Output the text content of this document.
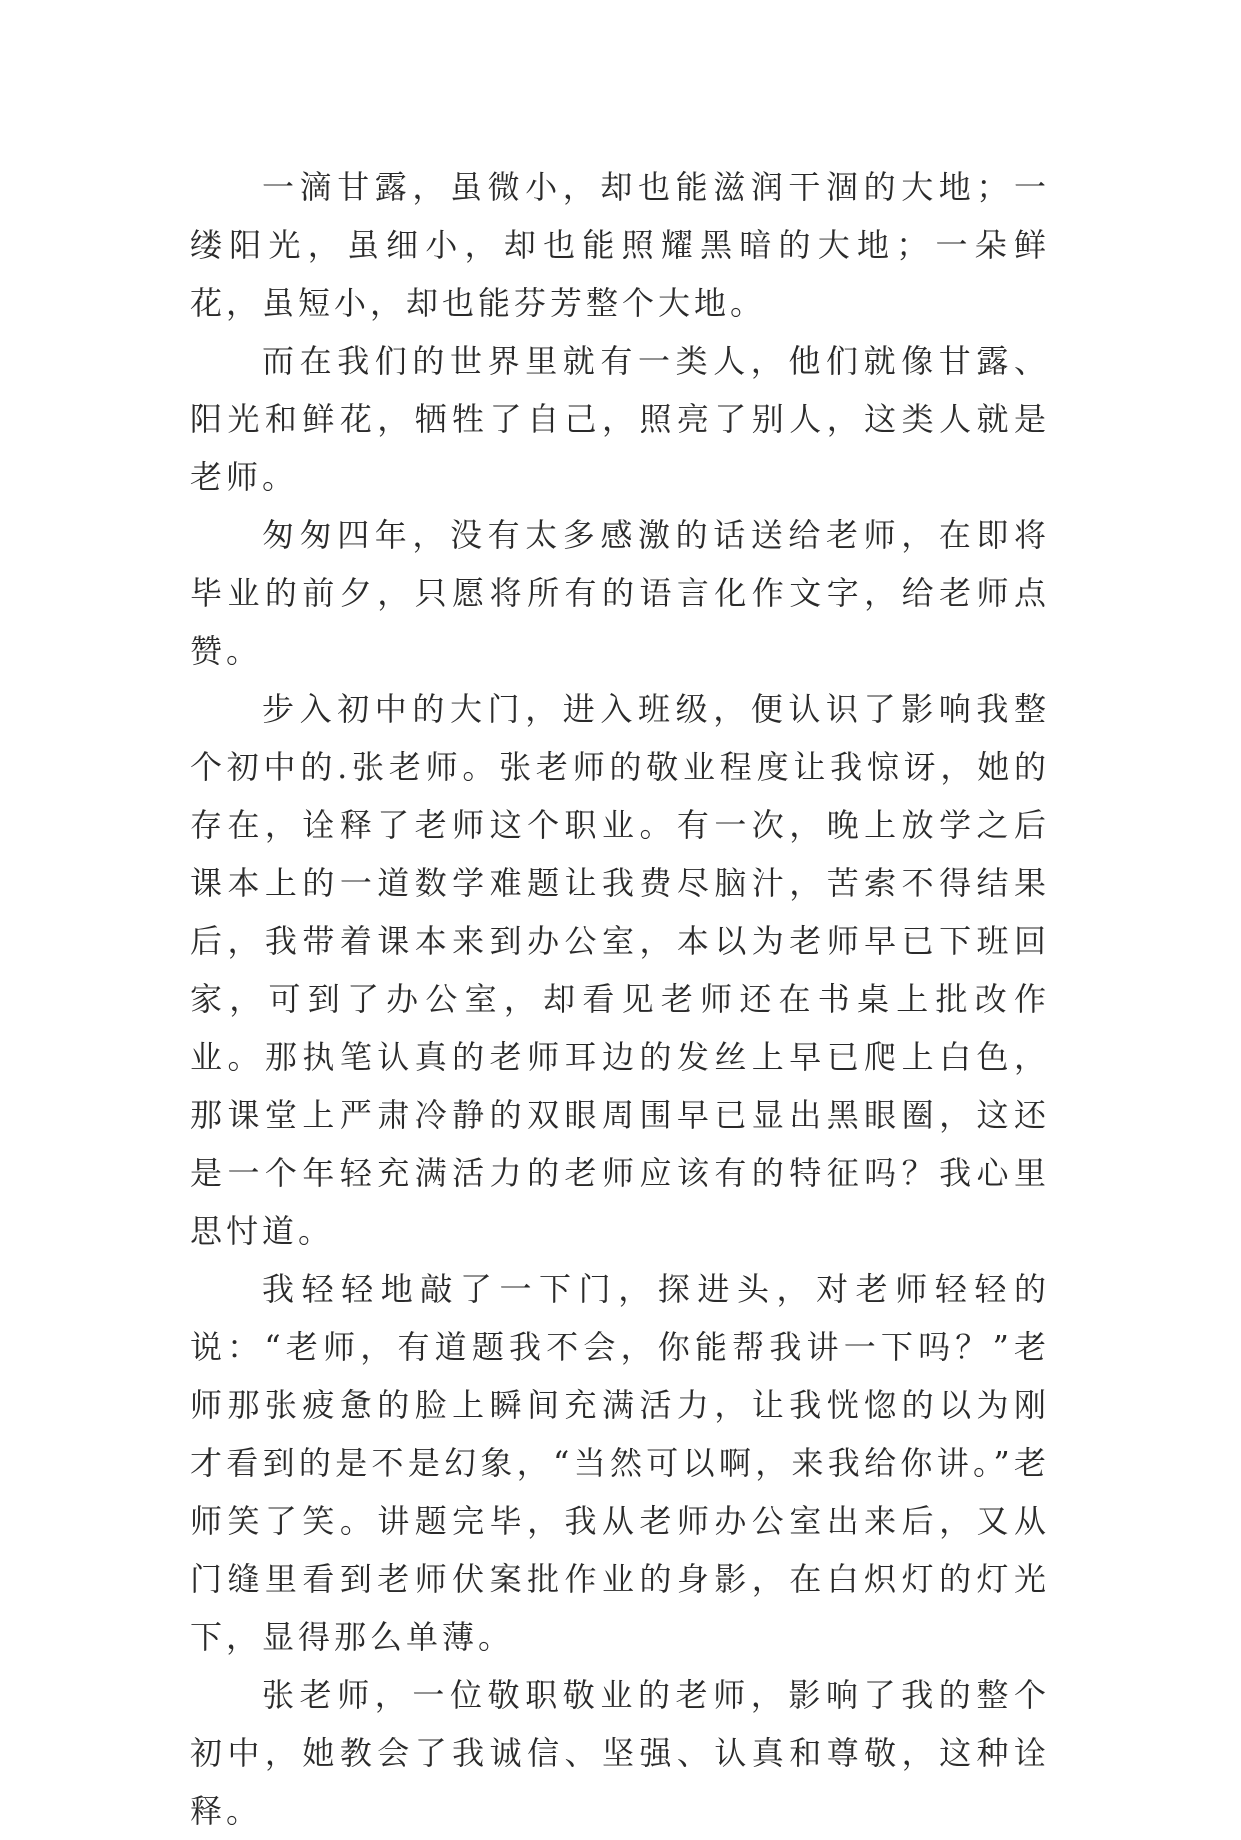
一滴甘露，虽微小，却也能滋润干涸的大地；一缕阳光，虽细小，却也能照耀黑暗的大地；一朵鲜花，虽短小，却也能芬芳整个大地。

而在我们的世界里就有一类人，他们就像甘露、阳光和鲜花，牺牲了自己，照亮了别人，这类人就是老师。

匆匆四年，没有太多感激的话送给老师，在即将毕业的前夕，只愿将所有的语言化作文字，给老师点赞。

步入初中的大门，进入班级，便认识了影响我整个初中的.张老师。张老师的敬业程度让我惊讶，她的存在，诠释了老师这个职业。有一次，晚上放学之后课本上的一道数学难题让我费尽脑汁，苦索不得结果后，我带着课本来到办公室，本以为老师早已下班回家，可到了办公室，却看见老师还在书桌上批改作业。那执笔认真的老师耳边的发丝上早已爬上白色，那课堂上严肃冷静的双眼周围早已显出黑眼圈，这还是一个年轻充满活力的老师应该有的特征吗？我心里思忖道。

我轻轻地敲了一下门，探进头，对老师轻轻的说：“老师，有道题我不会，你能帮我讲一下吗？”老师那张疲惫的脸上瞬间充满活力，让我恍惚的以为刚才看到的是不是幻象，“当然可以啊，来我给你讲。”老师笑了笑。讲题完毕，我从老师办公室出来后，又从门缝里看到老师伏案批作业的身影，在白炽灯的灯光下，显得那么单薄。

张老师，一位敬职敬业的老师，影响了我的整个初中，她教会了我诚信、坚强、认真和尊敬，这种诠释。
